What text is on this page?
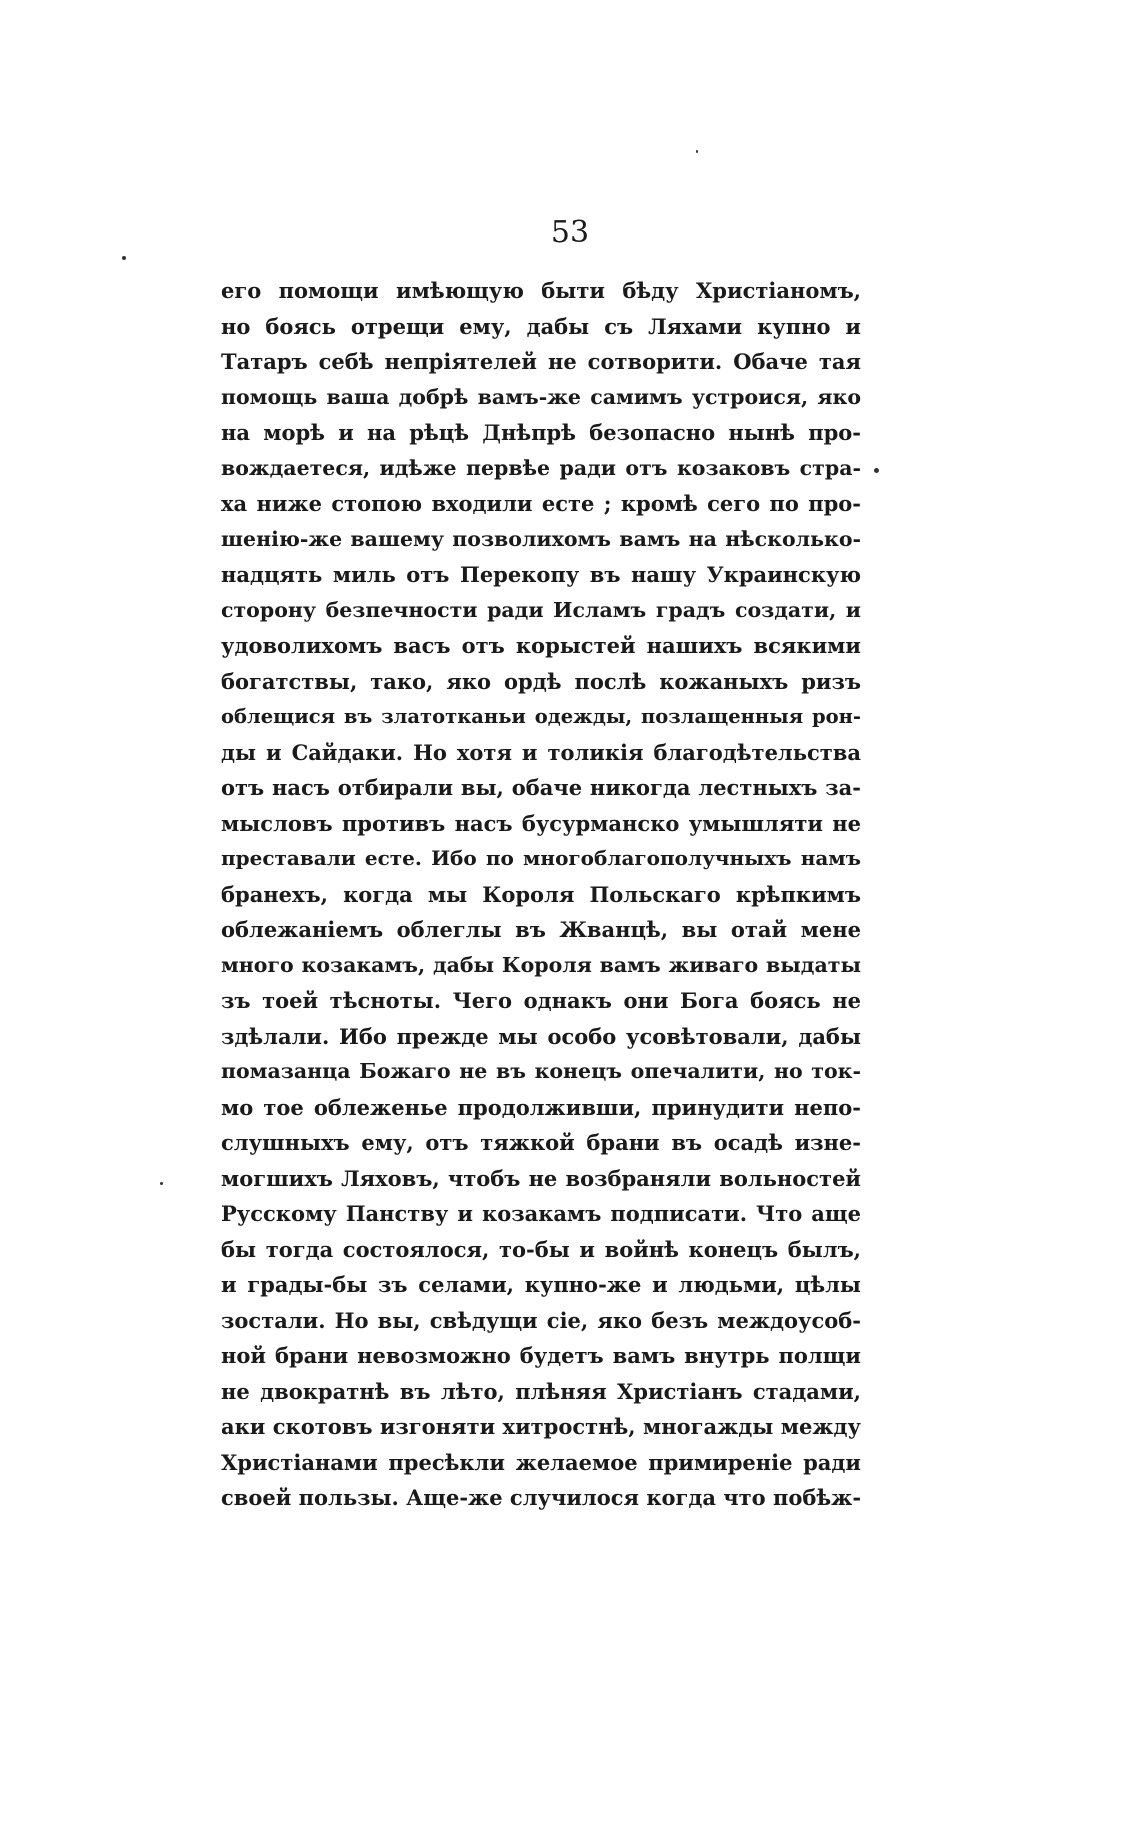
53
его помощи имѣющую быти бѣду Христіаномъ,
но боясь отрещи ему, дабы съ Ляхами купно и
Татаръ себѣ непріятелей не сотворити. Обаче тая
помощь ваша добрѣ вамъ-же самимъ устроися, яко
на морѣ и на рѣцѣ Днѣпрѣ безопасно нынѣ про-
вождаетеся, идѣже первѣе ради отъ козаковъ стра-
ха ниже стопою входили есте ; кромѣ сего по про-
шенію-же вашему позволихомъ вамъ на нѣсколько-
надцять миль отъ Перекопу въ нашу Украинскую
сторону безпечности ради Исламъ градъ создати, и
удоволихомъ васъ отъ корыстей нашихъ всякими
богатствы, тако, яко ордѣ послѣ кожаныхъ ризъ
облещися въ златотканьи одежды, позлащенныя рон-
ды и Сайдаки. Но хотя и толикія благодѣтельства
отъ насъ отбирали вы, обаче никогда лестныхъ за-
мысловъ противъ насъ бусурманско умышляти не
преставали есте. Ибо по многоблагополучныхъ намъ
бранехъ, когда мы Короля Польскаго крѣпкимъ
облежаніемъ облеглы въ Жванцѣ, вы отай мене
много козакамъ, дабы Короля вамъ живаго выдаты
зъ тоей тѣсноты. Чего однакъ они Бога боясь не
здѣлали. Ибо прежде мы особо усовѣтовали, дабы
помазанца Божаго не въ конецъ опечалити, но ток-
мо тое облеженье продолживши, принудити непо-
слушныхъ ему, отъ тяжкой брани въ осадѣ изне-
могшихъ Ляховъ, чтобъ не возбраняли вольностей
Русскому Панству и козакамъ подписати. Что аще
бы тогда состоялося, то-бы и войнѣ конецъ былъ,
и грады-бы зъ селами, купно-же и людьми, цѣлы
зостали. Но вы, свѣдущи сіе, яко безъ междоусоб-
ной брани невозможно будетъ вамъ внутрь полщи
не двократнѣ въ лѣто, плѣняя Христіанъ стадами,
аки скотовъ изгоняти хитростнѣ, многажды между
Христіанами пресѣкли желаемое примиреніе ради
своей пользы. Аще-же случилося когда что побѣж-
